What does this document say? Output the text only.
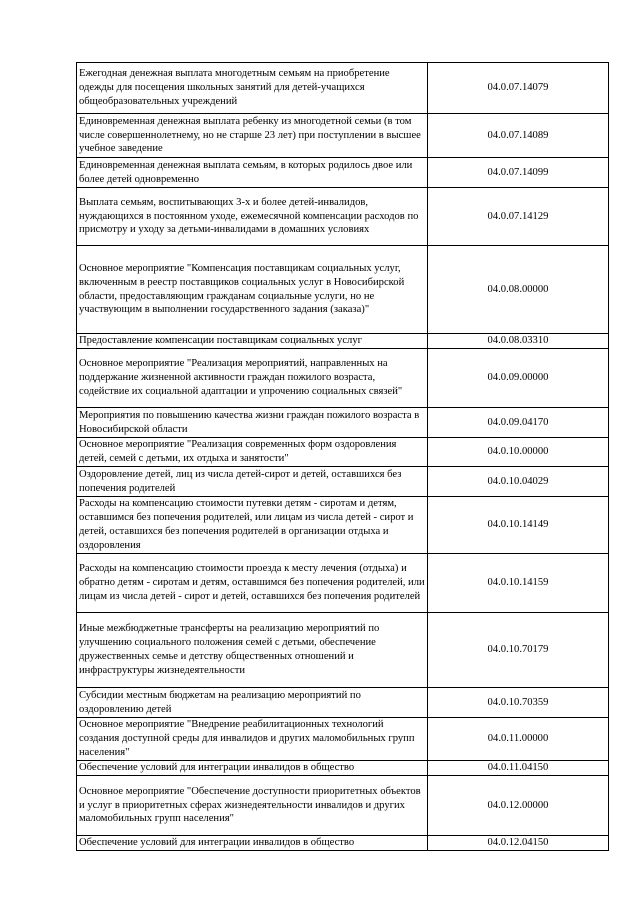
Ежегодная денежная выплата многодетным семьям на приобретение одежды для посещения школьных занятий для детей-учащихся общеобразовательных учреждений	04.0.07.14079
Единовременная денежная выплата ребенку из многодетной семьи (в том числе совершеннолетнему, но не старше 23 лет) при поступлении в высшее учебное заведение	04.0.07.14089
Единовременная денежная выплата семьям, в которых родилось двое или более детей одновременно	04.0.07.14099
Выплата семьям, воспитывающих 3-х и более детей-инвалидов, нуждающихся в постоянном уходе, ежемесячной компенсации расходов по присмотру и уходу за детьми-инвалидами в домашних условиях	04.0.07.14129
Основное мероприятие "Компенсация поставщикам социальных услуг, включенным в реестр поставщиков социальных услуг в Новосибирской области, предоставляющим гражданам социальные услуги, но не участвующим в выполнении государственного задания (заказа)"	04.0.08.00000
Предоставление компенсации поставщикам социальных услуг	04.0.08.03310
Основное мероприятие "Реализация мероприятий, направленных на поддержание жизненной активности граждан пожилого возраста, содействие их социальной адаптации и упрочению социальных связей"	04.0.09.00000
Мероприятия по повышению качества жизни граждан пожилого возраста в Новосибирской области	04.0.09.04170
Основное мероприятие "Реализация современных форм оздоровления детей, семей с детьми, их отдыха и занятости"	04.0.10.00000
Оздоровление детей, лиц из числа детей-сирот и детей, оставшихся без попечения родителей	04.0.10.04029
Расходы на компенсацию стоимости путевки детям - сиротам и детям, оставшимся без попечения родителей, или лицам из числа детей - сирот и детей, оставшихся без попечения родителей в организации отдыха и оздоровления	04.0.10.14149
Расходы на компенсацию стоимости проезда к месту лечения (отдыха) и обратно детям - сиротам и детям, оставшимся без попечения родителей, или лицам из числа детей - сирот и детей, оставшихся без попечения родителей	04.0.10.14159
Иные межбюджетные трансферты на реализацию мероприятий по улучшению социального положения семей с детьми, обеспечение дружественных семье и детству общественных отношений и инфраструктуры жизнедеятельности	04.0.10.70179
Субсидии местным бюджетам на реализацию мероприятий по оздоровлению детей	04.0.10.70359
Основное мероприятие "Внедрение реабилитационных технологий создания доступной среды для инвалидов и других маломобильных групп населения"	04.0.11.00000
Обеспечение условий для интеграции инвалидов в общество	04.0.11.04150
Основное мероприятие "Обеспечение доступности приоритетных объектов и услуг в приоритетных сферах жизнедеятельности инвалидов и других маломобильных групп населения"	04.0.12.00000
Обеспечение условий для интеграции инвалидов в общество	04.0.12.04150
